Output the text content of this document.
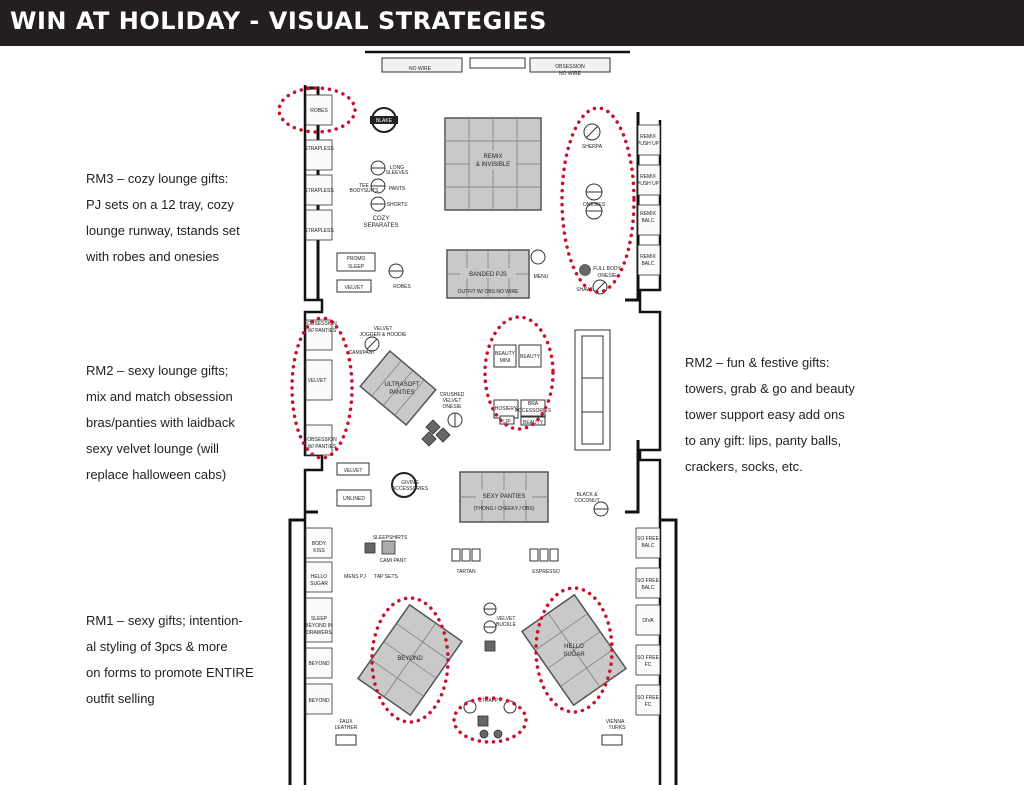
WIN AT HOLIDAY - VISUAL STRATEGIES
RM3 – cozy lounge gifts:
PJ sets on a 12 tray, cozy
lounge runway, tstands set
with robes and onesies
RM2 – sexy lounge gifts;
mix and match obsession
bras/panties with laidback
sexy velvet lounge (will
replace halloween cabs)
RM2 – fun & festive gifts:
towers, grab & go and beauty
tower support easy add ons
to any gift: lips, panty balls,
crackers, socks, etc.
RM1 – sexy gifts; intention-
al styling of 3pcs & more
on forms to promote ENTIRE
outfit selling
NO WIRE	OBSESSION
NO WIRE
ROBES
STRAPLESS
STRAPLESS
STRAPLESS
OBSESSION
W/ PANTIES
VELVET
OBSESSION
W/ PANTIES
BODY
KISS
HELLO
SUGAR
SLEEP
BEYOND IN
DRAWERS
BEYOND
BEYOND
REMIX
PUSH UP
REMIX
PUSH UP
REMIX
BALC
REMIX
BALC
SO FREE
BALC
SO FREE
BALC
DIVA
SO FREE
FC
SO FREE
FC
REMIX
& INVISIBLE
BANDED PJS
OUTFIT W/ OBS NO WIRE
MENU
ULTRASOFT
PANTIES
SEXY PANTIES
(THONG / CHEEKY / OBS)
BEYOND
HELLO
SUGAR
PROMO
SLEEP
VELVET
VELVET
UNLINED
BEAUTY
MINI
BEAUTY
HOSIERY
BRA
ACCESSORIES
LIP BEAUTY
BLAKE
GIVING
ACCESSORIES
SHERPA
ONESIES
FULL BODY
ONESIE
SHAWL
ROBES
LONG
SLEEVES
TEE
BODYSUITS PANTS
SHORTS
COZY
SEPARATES
VELVET
JOGGER & HOODIE
CAMI/PANT
CRUSHED
VELVET
ONESIE
BLACK &
COCONUT
VELVET
BUCKLE
STRAPPY
SLEEPSHIRTS
CAMI PANT
MENS PJ TAP SETS
TARTAN	ESPRESSO
FAUX
LEATHER
VIENNA
TURKS
